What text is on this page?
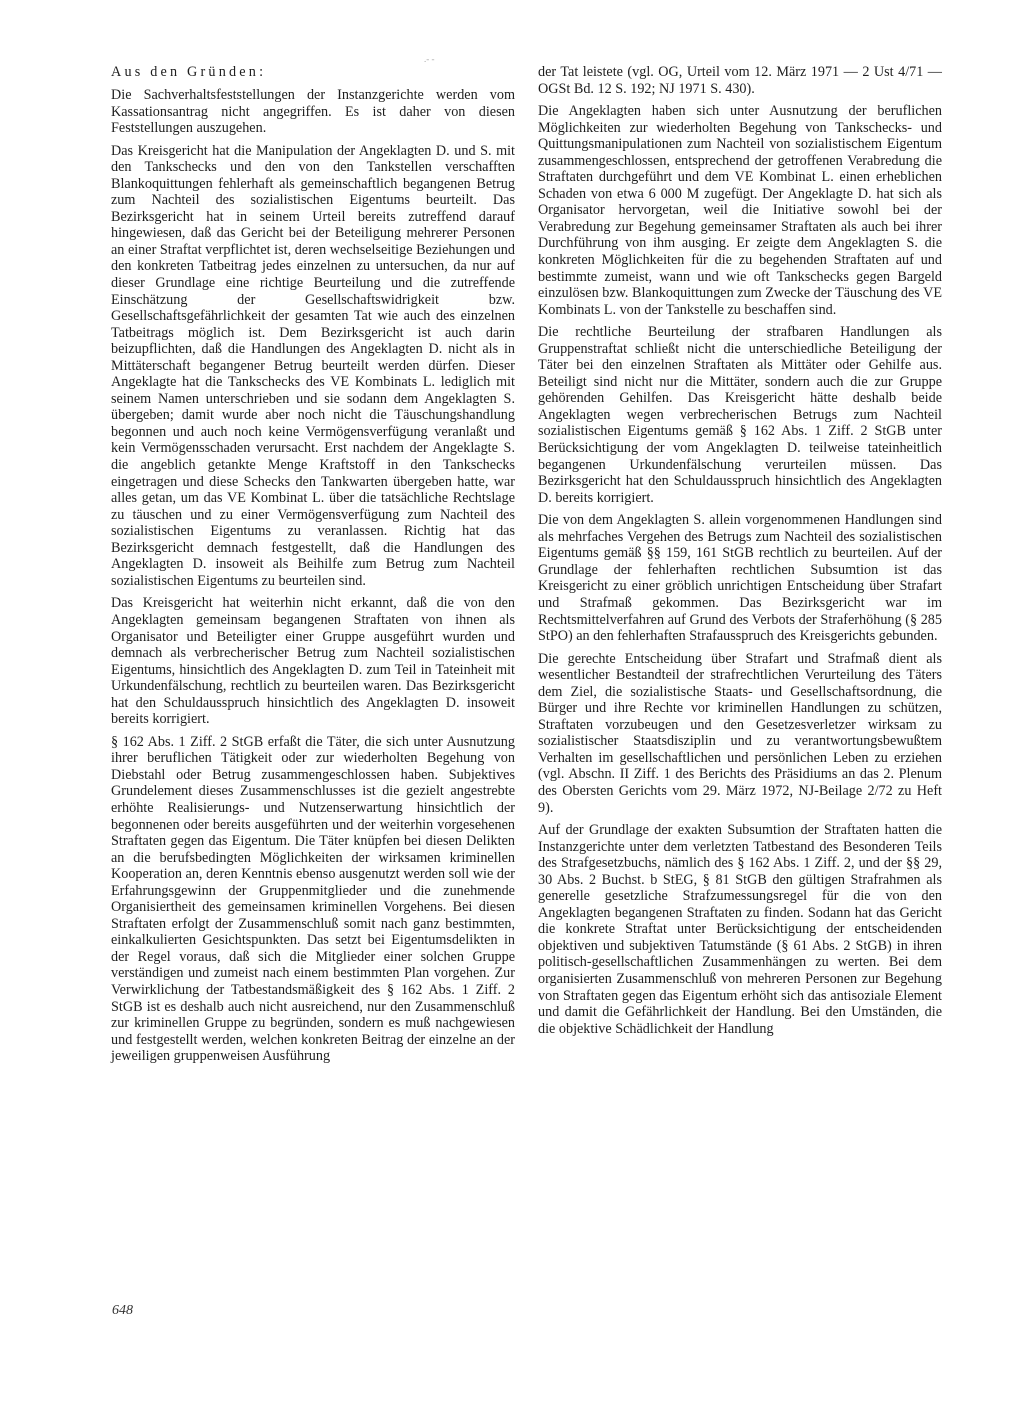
.- -

Aus den Gründen:

Die Sachverhaltsfeststellungen der Instanzgerichte werden vom Kassationsantrag nicht angegriffen. Es ist daher von diesen Feststellungen auszugehen.

Das Kreisgericht hat die Manipulation der Angeklagten D. und S. mit den Tankschecks und den von den Tankstellen verschafften Blankoquittungen fehlerhaft als gemeinschaftlich begangenen Betrug zum Nachteil des sozialistischen Eigentums beurteilt. Das Bezirksgericht hat in seinem Urteil bereits zutreffend darauf hingewiesen, daß das Gericht bei der Beteiligung mehrerer Personen an einer Straftat verpflichtet ist, deren wechselseitige Beziehungen und den konkreten Tatbeitrag jedes einzelnen zu untersuchen, da nur auf dieser Grundlage eine richtige Beurteilung und die zutreffende Einschätzung der Gesellschaftswidrigkeit bzw. Gesellschaftsgefährlichkeit der gesamten Tat wie auch des einzelnen Tatbeitrags möglich ist. Dem Bezirksgericht ist auch darin beizupflichten, daß die Handlungen des Angeklagten D. nicht als in Mittäterschaft begangener Betrug beurteilt werden dürfen. Dieser Angeklagte hat die Tankschecks des VE Kombinats L. lediglich mit seinem Namen unterschrieben und sie sodann dem Angeklagten S. übergeben; damit wurde aber noch nicht die Täuschungshandlung begonnen und auch noch keine Vermögensverfügung veranlaßt und kein Vermögensschaden verursacht. Erst nachdem der Angeklagte S. die angeblich getankte Menge Kraftstoff in den Tankschecks eingetragen und diese Schecks den Tankwarten übergeben hatte, war alles getan, um das VE Kombinat L. über die tatsächliche Rechtslage zu täuschen und zu einer Vermögensverfügung zum Nachteil des sozialistischen Eigentums zu veranlassen. Richtig hat das Bezirksgericht demnach festgestellt, daß die Handlungen des Angeklagten D. insoweit als Beihilfe zum Betrug zum Nachteil sozialistischen Eigentums zu beurteilen sind.

Das Kreisgericht hat weiterhin nicht erkannt, daß die von den Angeklagten gemeinsam begangenen Straftaten von ihnen als Organisator und Beteiligter einer Gruppe ausgeführt wurden und demnach als verbrecherischer Betrug zum Nachteil sozialistischen Eigentums, hinsichtlich des Angeklagten D. zum Teil in Tateinheit mit Urkundenfälschung, rechtlich zu beurteilen waren. Das Bezirksgericht hat den Schuldausspruch hinsichtlich des Angeklagten D. insoweit bereits korrigiert.

§ 162 Abs. 1 Ziff. 2 StGB erfaßt die Täter, die sich unter Ausnutzung ihrer beruflichen Tätigkeit oder zur wiederholten Begehung von Diebstahl oder Betrug zusammengeschlossen haben. Subjektives Grundelement dieses Zusammenschlusses ist die gezielt angestrebte erhöhte Realisierungs- und Nutzenserwartung hinsichtlich der begonnenen oder bereits ausgeführten und der weiterhin vorgesehenen Straftaten gegen das Eigentum. Die Täter knüpfen bei diesen Delikten an die berufsbedingten Möglichkeiten der wirksamen kriminellen Kooperation an, deren Kenntnis ebenso ausgenutzt werden soll wie der Erfahrungsgewinn der Gruppenmitglieder und die zunehmende Organisiertheit des gemeinsamen kriminellen Vorgehens. Bei diesen Straftaten erfolgt der Zusammenschluß somit nach ganz bestimmten, einkalkulierten Gesichtspunkten. Das setzt bei Eigentumsdelikten in der Regel voraus, daß sich die Mitglieder einer solchen Gruppe verständigen und zumeist nach einem bestimmten Plan vorgehen. Zur Verwirklichung der Tatbestandsmäßigkeit des § 162 Abs. 1 Ziff. 2 StGB ist es deshalb auch nicht ausreichend, nur den Zusammenschluß zur kriminellen Gruppe zu begründen, sondern es muß nachgewiesen und festgestellt werden, welchen konkreten Beitrag der einzelne an der jeweiligen gruppenweisen Ausführung

der Tat leistete (vgl. OG, Urteil vom 12. März 1971 — 2 Ust 4/71 — OGSt Bd. 12 S. 192; NJ 1971 S. 430).

Die Angeklagten haben sich unter Ausnutzung der beruflichen Möglichkeiten zur wiederholten Begehung von Tankschecks- und Quittungsmanipulationen zum Nachteil von sozialistischem Eigentum zusammengeschlossen, entsprechend der getroffenen Verabredung die Straftaten durchgeführt und dem VE Kombinat L. einen erheblichen Schaden von etwa 6 000 M zugefügt. Der Angeklagte D. hat sich als Organisator hervorgetan, weil die Initiative sowohl bei der Verabredung zur Begehung gemeinsamer Straftaten als auch bei ihrer Durchführung von ihm ausging. Er zeigte dem Angeklagten S. die konkreten Möglichkeiten für die zu begehenden Straftaten auf und bestimmte zumeist, wann und wie oft Tankschecks gegen Bargeld einzulösen bzw. Blankoquittungen zum Zwecke der Täuschung des VE Kombinats L. von der Tankstelle zu beschaffen sind.

Die rechtliche Beurteilung der strafbaren Handlungen als Gruppenstraftat schließt nicht die unterschiedliche Beteiligung der Täter bei den einzelnen Straftaten als Mittäter oder Gehilfe aus. Beteiligt sind nicht nur die Mittäter, sondern auch die zur Gruppe gehörenden Gehilfen. Das Kreisgericht hätte deshalb beide Angeklagten wegen verbrecherischen Betrugs zum Nachteil sozialistischen Eigentums gemäß § 162 Abs. 1 Ziff. 2 StGB unter Berücksichtigung der vom Angeklagten D. teilweise tateinheitlich begangenen Urkundenfälschung verurteilen müssen. Das Bezirksgericht hat den Schuldausspruch hinsichtlich des Angeklagten D. bereits korrigiert.

Die von dem Angeklagten S. allein vorgenommenen Handlungen sind als mehrfaches Vergehen des Betrugs zum Nachteil des sozialistischen Eigentums gemäß §§ 159, 161 StGB rechtlich zu beurteilen. Auf der Grundlage der fehlerhaften rechtlichen Subsumtion ist das Kreisgericht zu einer gröblich unrichtigen Entscheidung über Strafart und Strafmaß gekommen. Das Bezirksgericht war im Rechtsmittelverfahren auf Grund des Verbots der Straferhöhung (§ 285 StPO) an den fehlerhaften Strafausspruch des Kreisgerichts gebunden.

Die gerechte Entscheidung über Strafart und Strafmaß dient als wesentlicher Bestandteil der strafrechtlichen Verurteilung des Täters dem Ziel, die sozialistische Staats- und Gesellschaftsordnung, die Bürger und ihre Rechte vor kriminellen Handlungen zu schützen, Straftaten vorzubeugen und den Gesetzesverletzer wirksam zu sozialistischer Staatsdisziplin und zu verantwortungsbewußtem Verhalten im gesellschaftlichen und persönlichen Leben zu erziehen (vgl. Abschn. II Ziff. 1 des Berichts des Präsidiums an das 2. Plenum des Obersten Gerichts vom 29. März 1972, NJ-Beilage 2/72 zu Heft 9).

Auf der Grundlage der exakten Subsumtion der Straftaten hatten die Instanzgerichte unter dem verletzten Tatbestand des Besonderen Teils des Strafgesetzbuchs, nämlich des § 162 Abs. 1 Ziff. 2, und der §§ 29, 30 Abs. 2 Buchst. b StEG, § 81 StGB den gültigen Strafrahmen als generelle gesetzliche Strafzumessungsregel für die von den Angeklagten begangenen Straftaten zu finden. Sodann hat das Gericht die konkrete Straftat unter Berücksichtigung der entscheidenden objektiven und subjektiven Tatumstände (§ 61 Abs. 2 StGB) in ihren politisch-gesellschaftlichen Zusammenhängen zu werten. Bei dem organisierten Zusammenschluß von mehreren Personen zur Begehung von Straftaten gegen das Eigentum erhöht sich das antisoziale Element und damit die Gefährlichkeit der Handlung. Bei den Umständen, die die objektive Schädlichkeit der Handlung

648
